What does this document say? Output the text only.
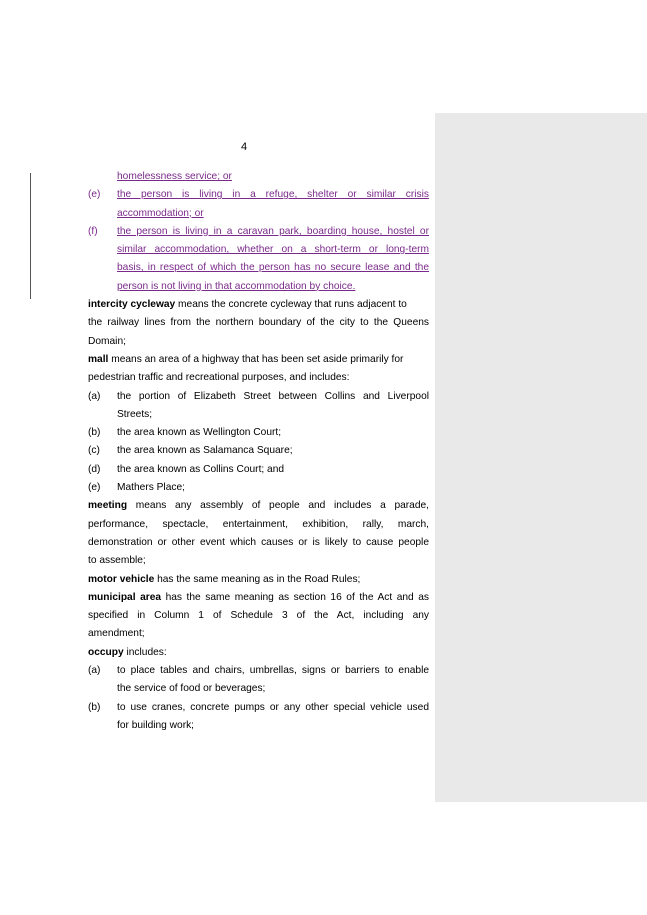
4
homelessness service; or
(e) the person is living in a refuge, shelter or similar crisis
accommodation; or
(f) the person is living in a caravan park, boarding house, hostel or
similar accommodation, whether on a short-term or long-term
basis, in respect of which the person has no secure lease and the
person is not living in that accommodation by choice.
intercity cycleway means the concrete cycleway that runs adjacent to
the railway lines from the northern boundary of the city to the Queens
Domain;
mall means an area of a highway that has been set aside primarily for
pedestrian traffic and recreational purposes, and includes:
(a) the portion of Elizabeth Street between Collins and Liverpool
Streets;
(b) the area known as Wellington Court;
(c) the area known as Salamanca Square;
(d) the area known as Collins Court; and
(e) Mathers Place;
meeting means any assembly of people and includes a parade,
performance, spectacle, entertainment, exhibition, rally, march,
demonstration or other event which causes or is likely to cause people
to assemble;
motor vehicle has the same meaning as in the Road Rules;
municipal area has the same meaning as section 16 of the Act and as
specified in Column 1 of Schedule 3 of the Act, including any
amendment;
occupy includes:
(a) to place tables and chairs, umbrellas, signs or barriers to enable
the service of food or beverages;
(b) to use cranes, concrete pumps or any other special vehicle used
for building work;
